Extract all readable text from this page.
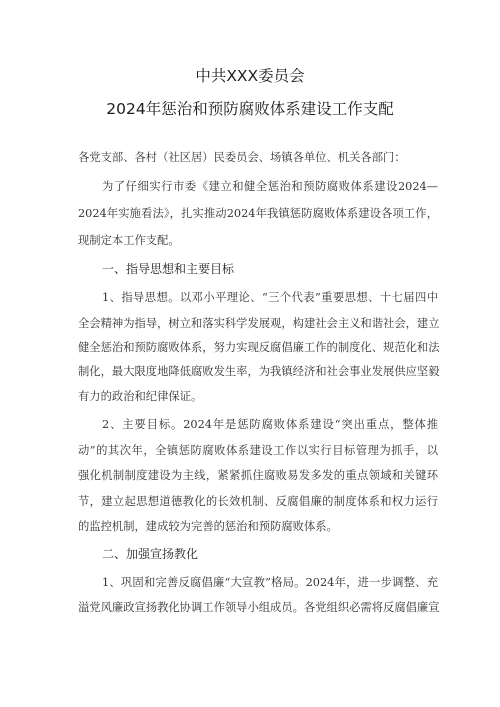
中共XXX委员会
2024年惩治和预防腐败体系建设工作支配
各党支部、各村（社区居）民委员会、场镇各单位、机关各部门：
为了仔细实行市委《建立和健全惩治和预防腐败体系建设2024—
2024年实施看法》，扎实推动2024年我镇惩防腐败体系建设各项工作，
现制定本工作支配。
一、指导思想和主要目标
1、指导思想。以邓小平理论、“三个代表”重要思想、十七届四中
全会精神为指导，树立和落实科学发展观，构建社会主义和谐社会，建立
健全惩治和预防腐败体系，努力实现反腐倡廉工作的制度化、规范化和法
制化，最大限度地降低腐败发生率，为我镇经济和社会事业发展供应坚毅
有力的政治和纪律保证。
2、主要目标。2024年是惩防腐败体系建设“突出重点，整体推
动”的其次年，全镇惩防腐败体系建设工作以实行目标管理为抓手，以
强化机制制度建设为主线，紧紧抓住腐败易发多发的重点领域和关键环
节，建立起思想道德教化的长效机制、反腐倡廉的制度体系和权力运行
的监控机制，建成较为完善的惩治和预防腐败体系。
二、加强宣扬教化
1、巩固和完善反腐倡廉“大宣教”格局。2024年，进一步调整、充
溢党风廉政宣扬教化协调工作领导小组成员。各党组织必需将反腐倡廉宣
